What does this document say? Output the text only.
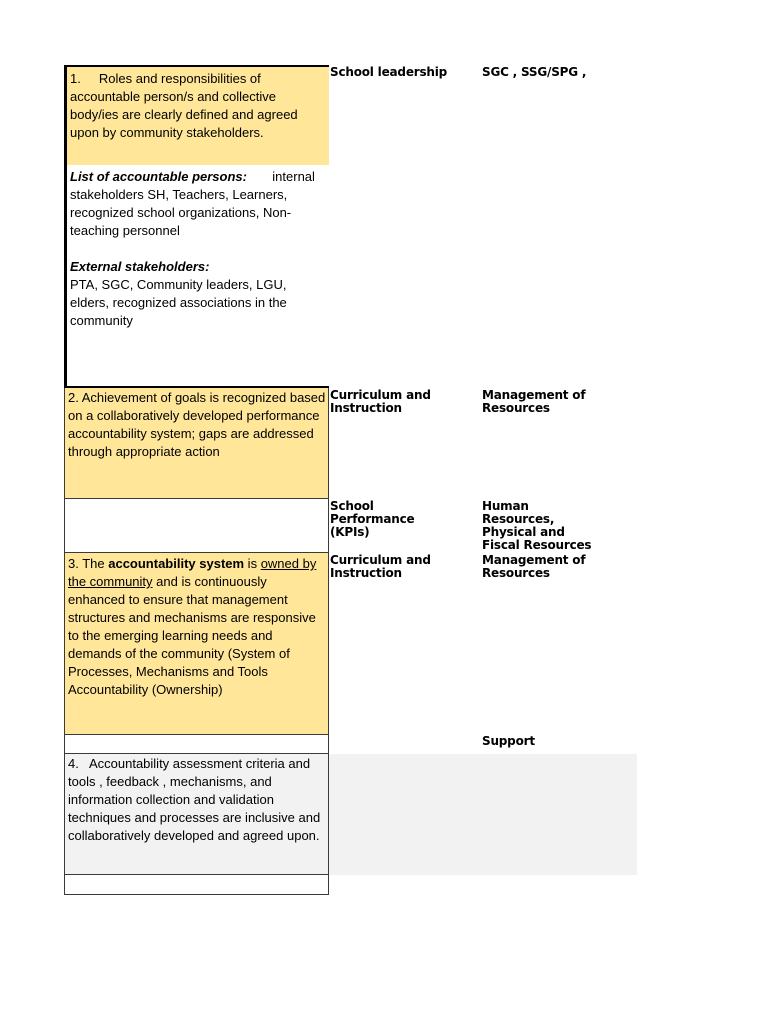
1. Roles and responsibilities of accountable person/s and collective body/ies are clearly defined and agreed upon by community stakeholders.
List of accountable persons: internal stakeholders SH, Teachers, Learners, recognized school organizations, Non-teaching personnel
External stakeholders:
PTA, SGC, Community leaders, LGU, elders, recognized associations in the community
2. Achievement of goals is recognized based on a collaboratively developed performance accountability system; gaps are addressed through appropriate action
3. The accountability system is owned by the community and is continuously enhanced to ensure that management structures and mechanisms are responsive to the emerging learning needs and demands of the community (System of Processes, Mechanisms and Tools Accountability (Ownership)
4. Accountability assessment criteria and tools , feedback , mechanisms, and information collection and validation techniques and processes are inclusive and collaboratively developed and agreed upon.
School leadership	SGC , SSG/SPG ,
Curriculum and Instruction
Management of Resources
School Performance (KPIs)
Human Resources, Physical and Fiscal Resources
Curriculum and Instruction
Management of Resources
Support
